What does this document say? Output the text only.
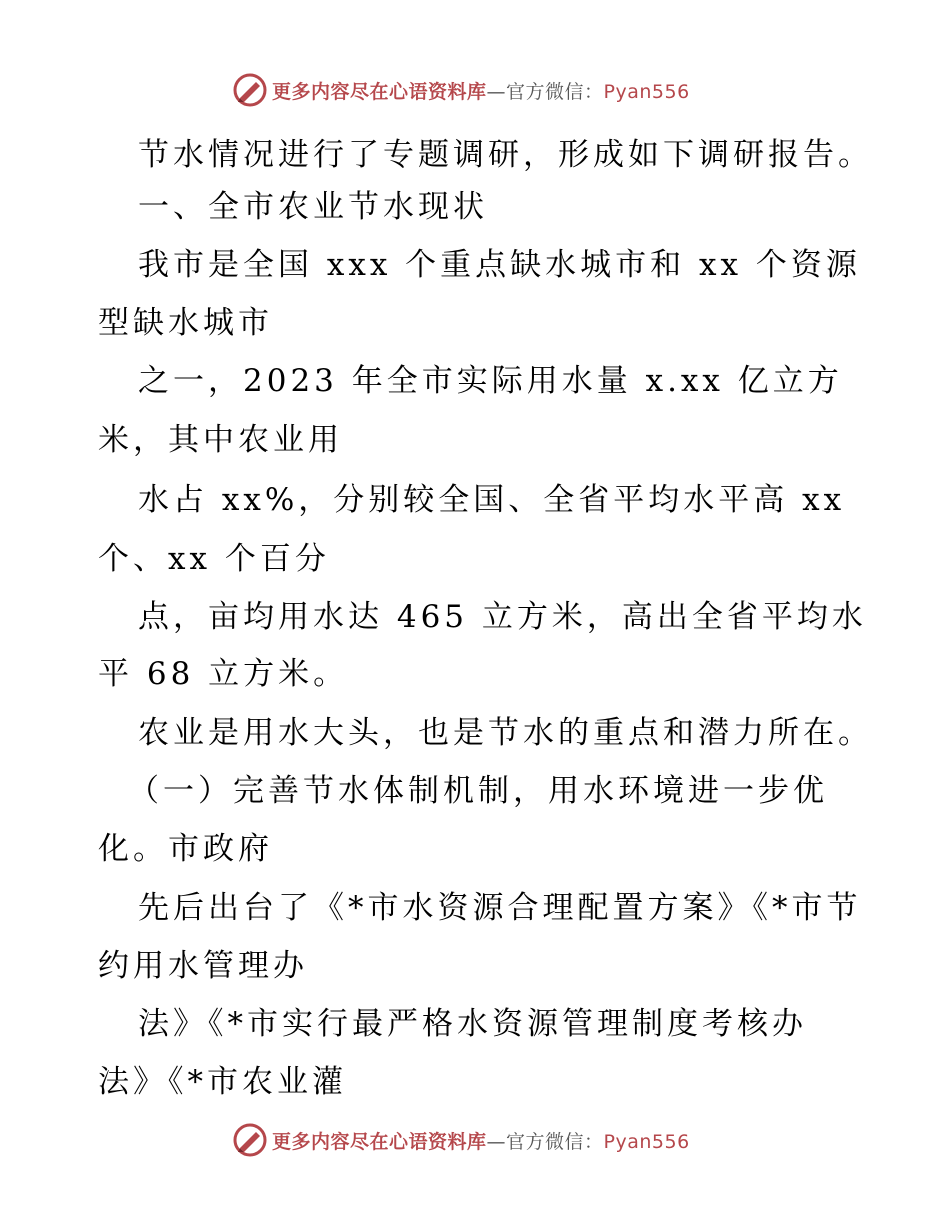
更多内容尽在心语资料库—官方微信：Pyan556
节水情况进行了专题调研，形成如下调研报告。
一、全市农业节水现状
我市是全国 xxx 个重点缺水城市和 xx 个资源
型缺水城市
之一，2023 年全市实际用水量 x.xx 亿立方
米，其中农业用
水占 xx%，分别较全国、全省平均水平高 xx
个、xx 个百分
点，亩均用水达 465 立方米，高出全省平均水
平 68 立方米。
农业是用水大头，也是节水的重点和潜力所在。
（一）完善节水体制机制，用水环境进一步优
化。市政府
先后出台了《*市水资源合理配置方案》《*市节
约用水管理办
法》《*市实行最严格水资源管理制度考核办
法》《*市农业灌
更多内容尽在心语资料库—官方微信：Pyan556
